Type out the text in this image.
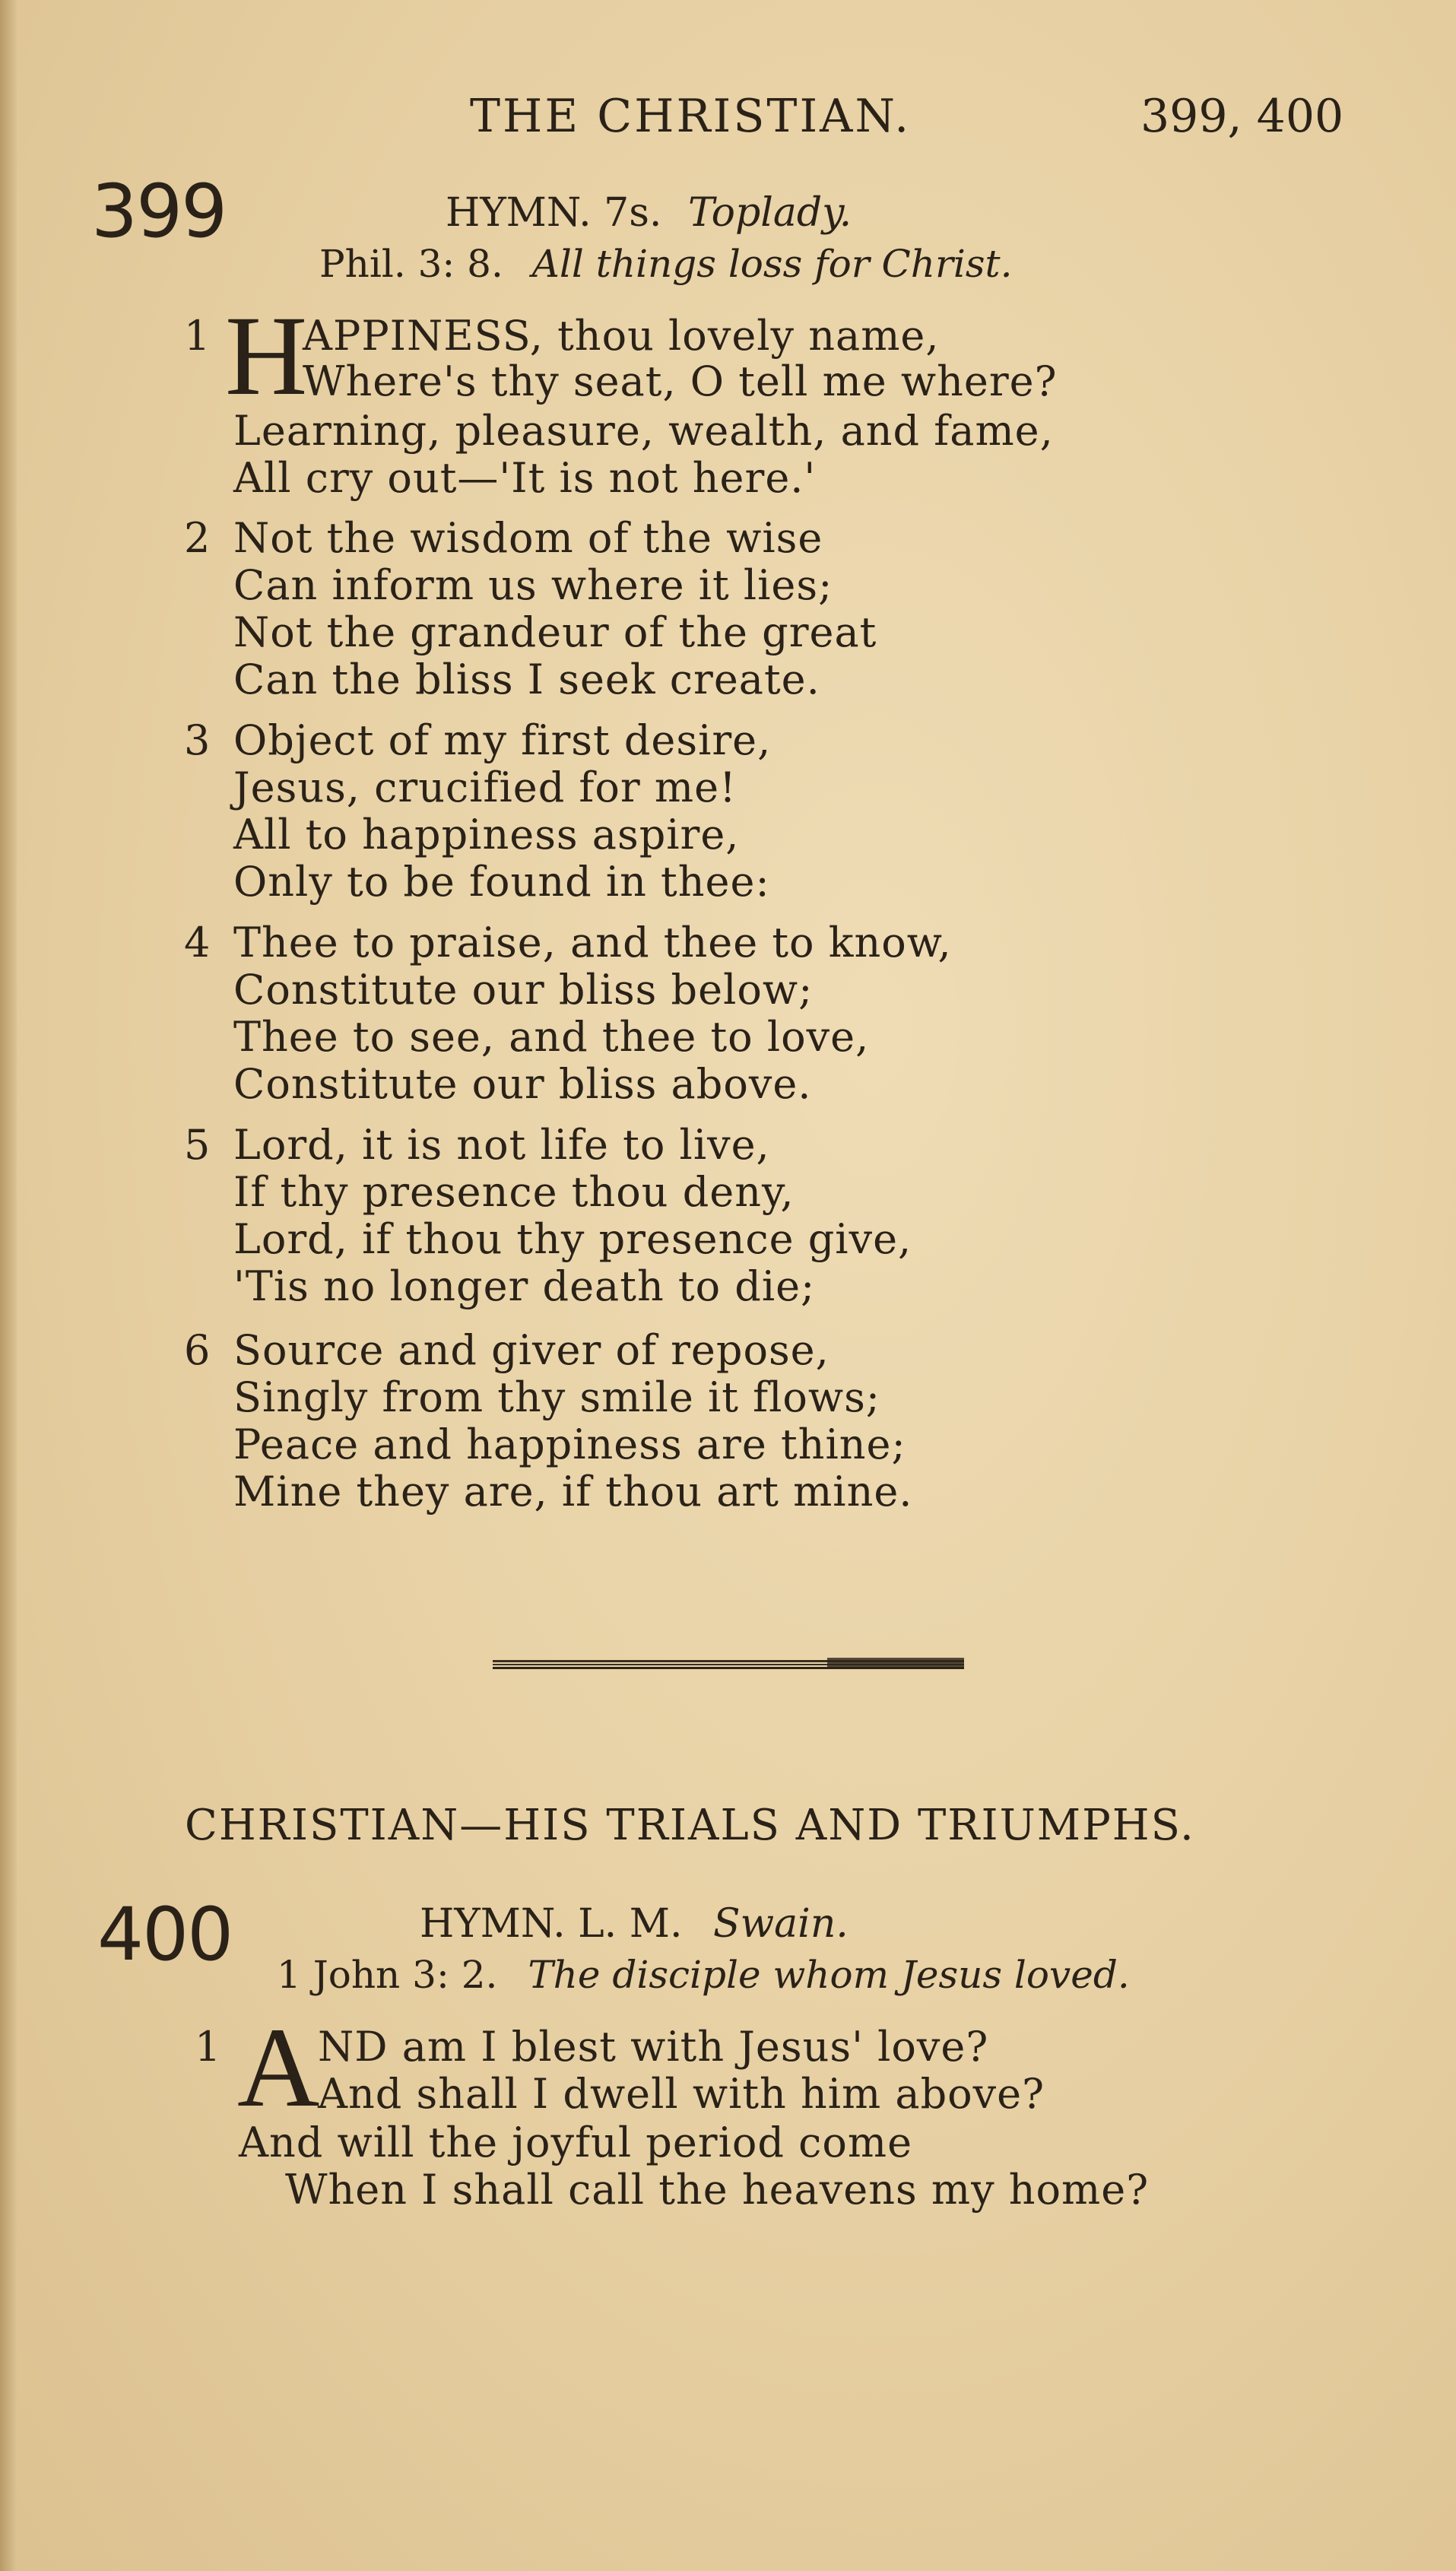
THE CHRISTIAN.	399, 400
399	HYMN. 7s. Toplady.
Phil. 3: 8. All things loss for Christ.
1 H
APPINESS, thou lovely name,
Where's thy seat, O tell me where?
Learning, pleasure, wealth, and fame,
All cry out—'It is not here.'
2 Not the wisdom of the wise
Can inform us where it lies;
Not the grandeur of the great
Can the bliss I seek create.
3 Object of my first desire,
Jesus, crucified for me!
All to happiness aspire,
Only to be found in thee:
4 Thee to praise, and thee to know,
Constitute our bliss below;
Thee to see, and thee to love,
Constitute our bliss above.
5 Lord, it is not life to live,
If thy presence thou deny,
Lord, if thou thy presence give,
'Tis no longer death to die;
6 Source and giver of repose,
Singly from thy smile it flows;
Peace and happiness are thine;
Mine they are, if thou art mine.
CHRISTIAN—HIS TRIALS AND TRIUMPHS.
400	HYMN. L. M. Swain.
1 John 3: 2. The disciple whom Jesus loved.
1 A
ND am I blest with Jesus' love?
And shall I dwell with him above?
And will the joyful period come
When I shall call the heavens my home?
